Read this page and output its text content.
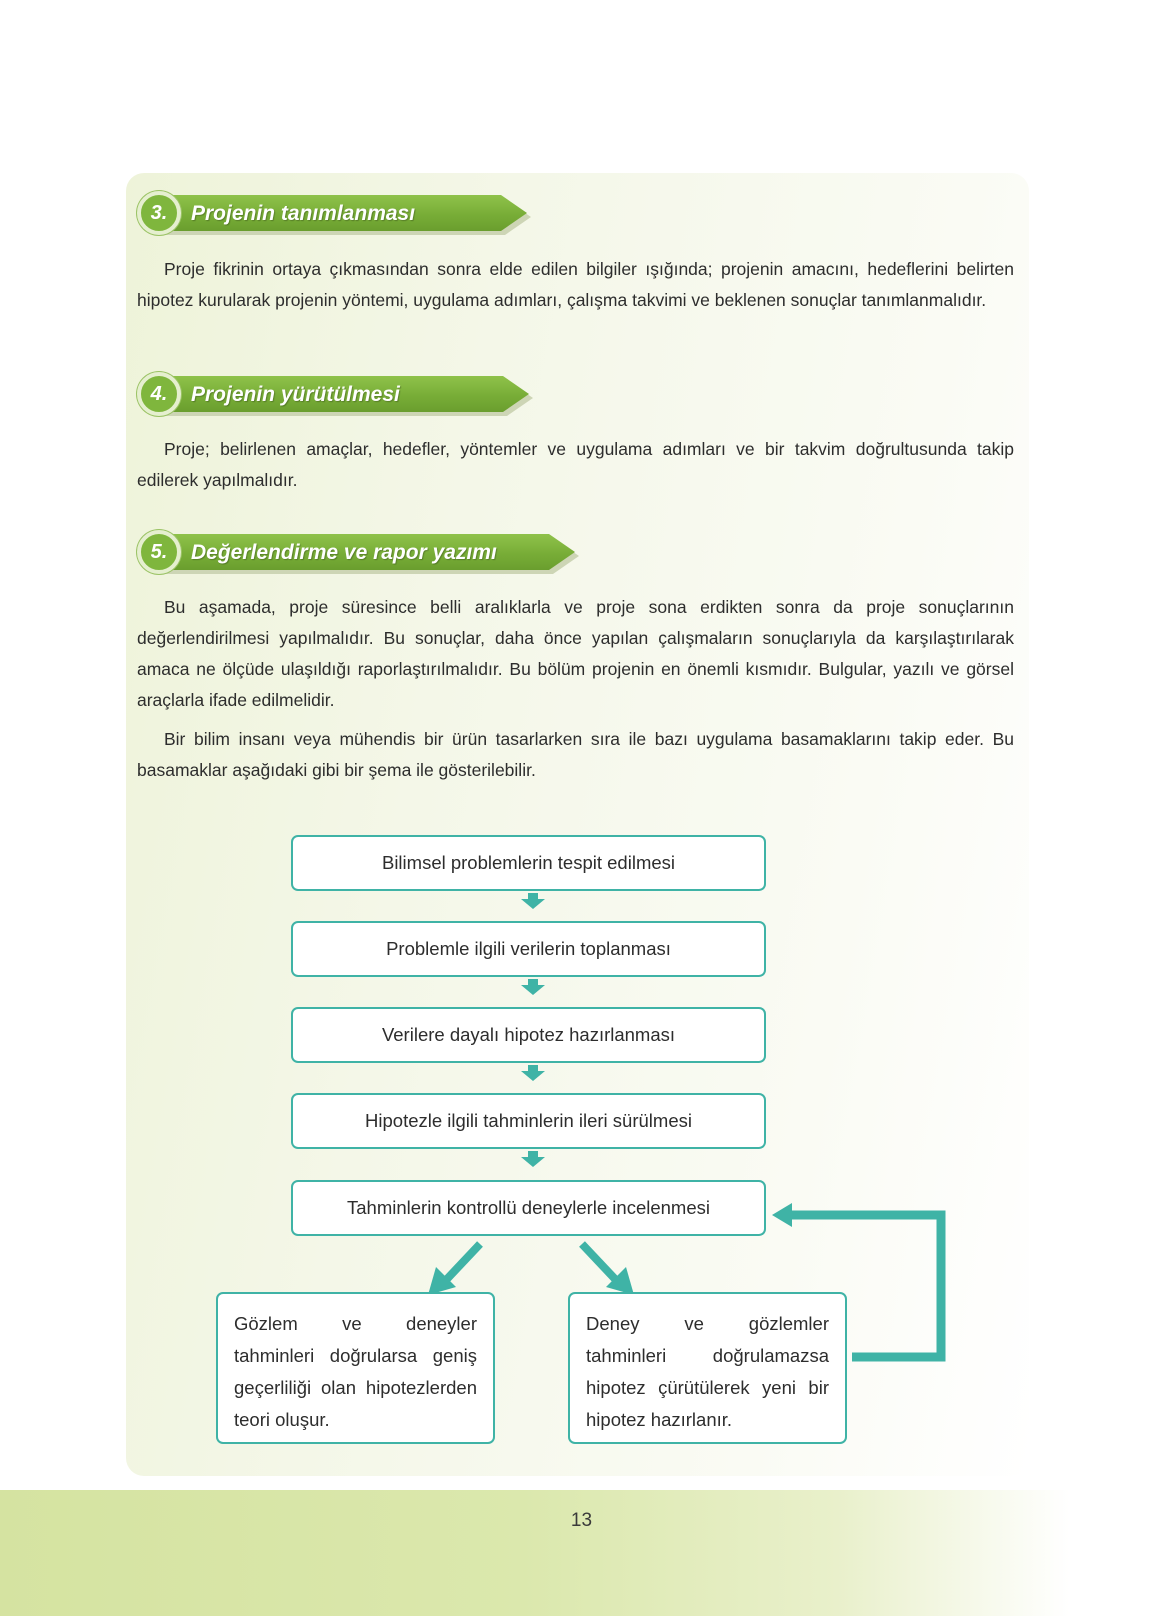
3.	Projenin tanımlanması

Proje fikrinin ortaya çıkmasından sonra elde edilen bilgiler ışığında; projenin amacını, hedeflerini belirten hipotez kurularak projenin yöntemi, uygulama adımları, çalışma takvimi ve beklenen sonuçlar tanımlanmalıdır.

4.	Projenin yürütülmesi

Proje; belirlenen amaçlar, hedefler, yöntemler ve uygulama adımları ve bir takvim doğrultusunda takip edilerek yapılmalıdır.

5.	Değerlendirme ve rapor yazımı

Bu aşamada, proje süresince belli aralıklarla ve proje sona erdikten sonra da proje sonuçlarının değerlendirilmesi yapılmalıdır. Bu sonuçlar, daha önce yapılan çalışmaların sonuçlarıyla da karşılaştırılarak amaca ne ölçüde ulaşıldığı raporlaştırılmalıdır. Bu bölüm projenin en önemli kısmıdır. Bulgular, yazılı ve görsel araçlarla ifade edilmelidir.

Bir bilim insanı veya mühendis bir ürün tasarlarken sıra ile bazı uygulama basamaklarını takip eder. Bu basamaklar aşağıdaki gibi bir şema ile gösterilebilir.

Bilimsel problemlerin tespit edilmesi
Problemle ilgili verilerin toplanması
Verilere dayalı hipotez hazırlanması
Hipotezle ilgili tahminlerin ileri sürülmesi
Tahminlerin kontrollü deneylerle incelenmesi
Gözlem ve deneyler tahminleri doğrularsa geniş geçerliliği olan hipotezlerden teori oluşur.
Deney ve gözlemler tahminleri doğrulamazsa hipotez çürütülerek yeni bir hipotez hazırlanır.
13
